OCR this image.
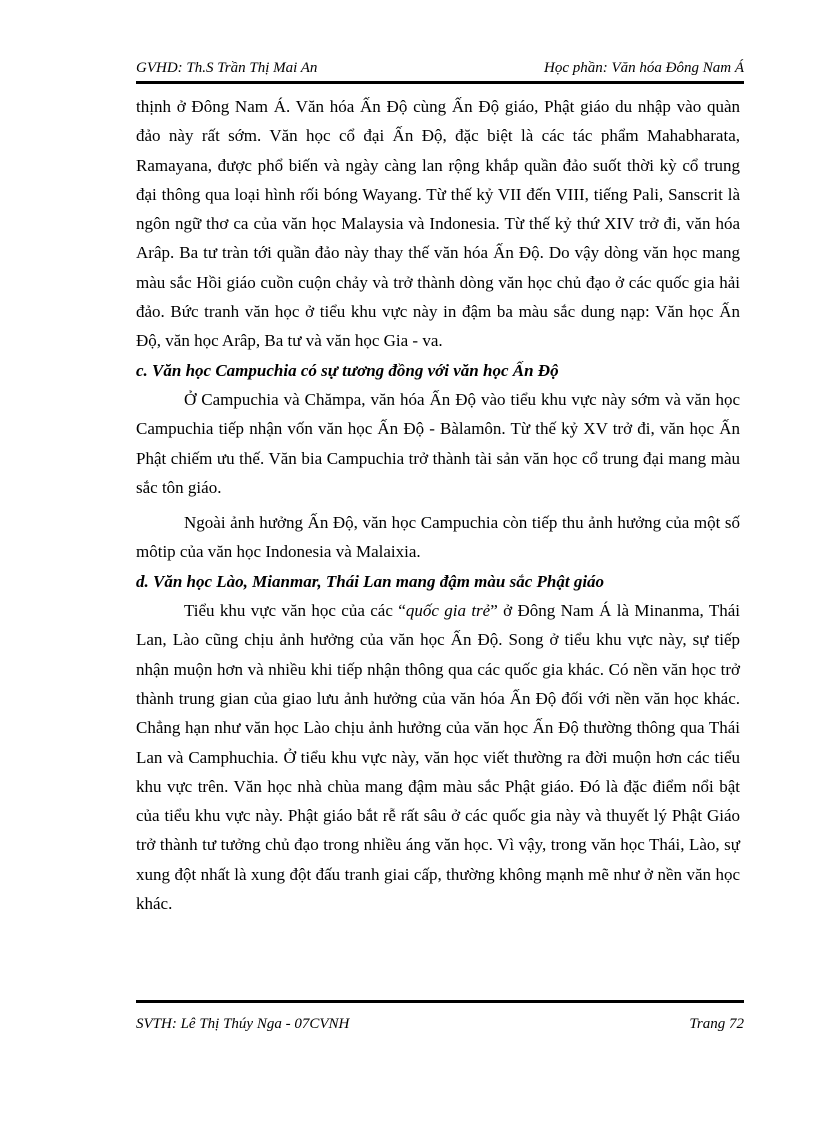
GVHD: Th.S Trần Thị Mai An	Học phần: Văn hóa Đông Nam Á

thịnh ở Đông Nam Á. Văn hóa Ấn Độ cùng Ấn Độ giáo, Phật giáo du nhập vào quàn đảo này rất sớm. Văn học cổ đại Ấn Độ, đặc biệt là các tác phẩm Mahabharata, Ramayana, được phổ biến và ngày càng lan rộng khắp quần đảo suốt thời kỳ cổ trung đại thông qua loại hình rối bóng Wayang. Từ thế kỷ VII đến VIII, tiếng Pali, Sanscrit là ngôn ngữ thơ ca của văn học Malaysia và Indonesia. Từ thế kỷ thứ XIV trở đi, văn hóa Arâp. Ba tư tràn tới quần đảo này thay thế văn hóa Ấn Độ. Do vậy dòng văn học mang màu sắc Hồi giáo cuồn cuộn chảy và trở thành dòng văn học chủ đạo ở các quốc gia hải đảo. Bức tranh văn học ở tiểu khu vực này in đậm ba màu sắc dung nạp: Văn học Ấn Độ, văn học Arâp, Ba tư và văn học Gia - va.

c. Văn học Campuchia có sự tương đồng với văn học Ấn Độ

Ở Campuchia và Chămpa, văn hóa Ấn Độ vào tiểu khu vực này sớm và văn học Campuchia tiếp nhận vốn văn học Ấn Độ - Bàlamôn. Từ thế kỷ XV trở đi, văn học Ấn Phật chiếm ưu thế. Văn bia Campuchia trở thành tài sản văn học cổ trung đại mang màu sắc tôn giáo.

Ngoài ảnh hưởng Ấn Độ, văn học Campuchia còn tiếp thu ảnh hưởng của một số môtip của văn học Indonesia và Malaixia.

d. Văn học Lào, Mianmar, Thái Lan mang đậm màu sắc Phật giáo

Tiểu khu vực văn học của các “quốc gia trẻ” ở Đông Nam Á là Minanma, Thái Lan, Lào cũng chịu ảnh hưởng của văn học Ấn Độ. Song ở tiểu khu vực này, sự tiếp nhận muộn hơn và nhiều khi tiếp nhận thông qua các quốc gia khác. Có nền văn học trở thành trung gian của giao lưu ảnh hưởng của văn hóa Ấn Độ đối với nền văn học khác. Chẳng hạn như văn học Lào chịu ảnh hưởng của văn học Ấn Độ thường thông qua Thái Lan và Camphuchia. Ở tiểu khu vực này, văn học viết thường ra đời muộn hơn các tiểu khu vực trên. Văn học nhà chùa mang đậm màu sắc Phật giáo. Đó là đặc điểm nổi bật của tiểu khu vực này. Phật giáo bắt rễ rất sâu ở các quốc gia này và thuyết lý Phật Giáo trở thành tư tưởng chủ đạo trong nhiều áng văn học. Vì vậy, trong văn học Thái, Lào, sự xung đột nhất là xung đột đấu tranh giai cấp, thường không mạnh mẽ như ở nền văn học khác.

SVTH: Lê Thị Thúy Nga - 07CVNH	Trang 72
